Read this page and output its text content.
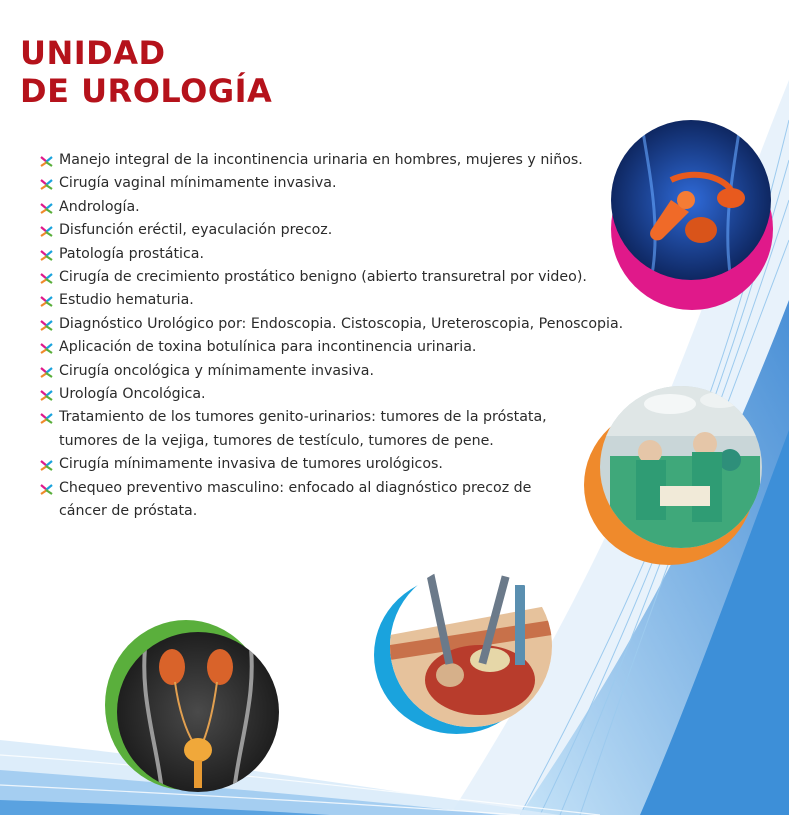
UNIDAD
DE UROLOGÍA
Manejo integral de la incontinencia urinaria en hombres, mujeres y niños.
Cirugía vaginal mínimamente invasiva.
Andrología.
Disfunción eréctil, eyaculación precoz.
Patología prostática.
Cirugía de crecimiento prostático benigno (abierto transuretral por video).
Estudio hematuria.
Diagnóstico Urológico por: Endoscopia. Cistoscopia, Ureteroscopia, Penoscopia.
Aplicación de toxina botulínica para incontinencia urinaria.
Cirugía oncológica y mínimamente invasiva.
Urología Oncológica.
Tratamiento de los tumores genito-urinarios: tumores de la próstata,
tumores de la vejiga, tumores de testículo, tumores de pene.
Cirugía mínimamente invasiva de tumores urológicos.
Chequeo preventivo masculino: enfocado al diagnóstico precoz de
cáncer de próstata.
